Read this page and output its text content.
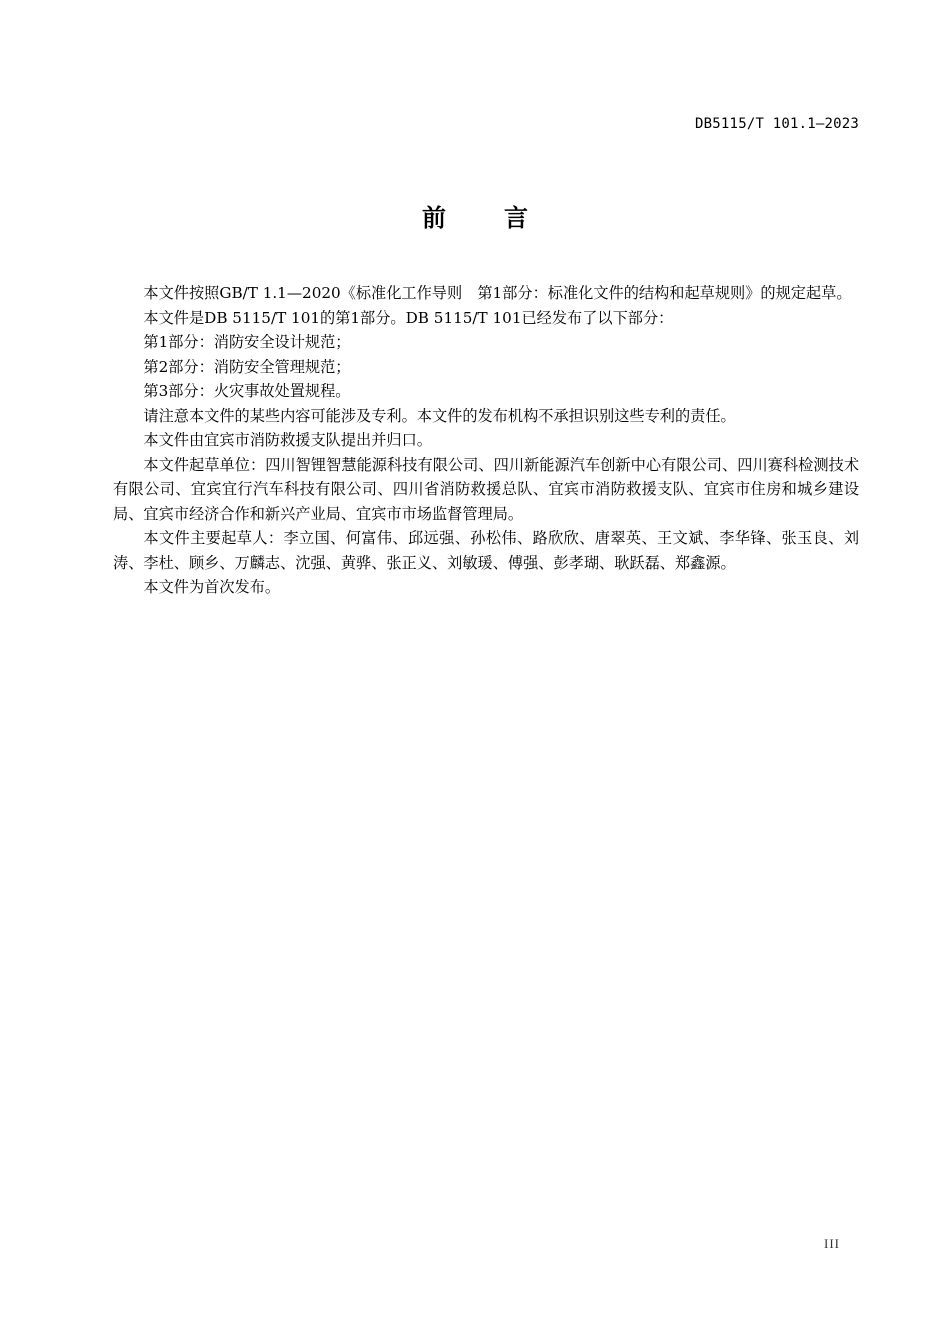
DB5115/T 101.1—2023
前 言

本文件按照GB/T 1.1—2020《标准化工作导则　第1部分：标准化文件的结构和起草规则》的规定起草。

本文件是DB 5115/T 101的第1部分。DB 5115/T 101已经发布了以下部分：

第1部分：消防安全设计规范；

第2部分：消防安全管理规范；

第3部分：火灾事故处置规程。

请注意本文件的某些内容可能涉及专利。本文件的发布机构不承担识别这些专利的责任。

本文件由宜宾市消防救援支队提出并归口。

本文件起草单位：四川智锂智慧能源科技有限公司、四川新能源汽车创新中心有限公司、四川赛科检测技术有限公司、宜宾宜行汽车科技有限公司、四川省消防救援总队、宜宾市消防救援支队、宜宾市住房和城乡建设局、宜宾市经济合作和新兴产业局、宜宾市市场监督管理局。

本文件主要起草人：李立国、何富伟、邱远强、孙松伟、路欣欣、唐翠英、王文斌、李华锋、张玉良、刘涛、李杜、顾乡、万麟志、沈强、黄骅、张正义、刘敏瑗、傅强、彭孝瑚、耿跃磊、郑鑫源。

本文件为首次发布。

III
